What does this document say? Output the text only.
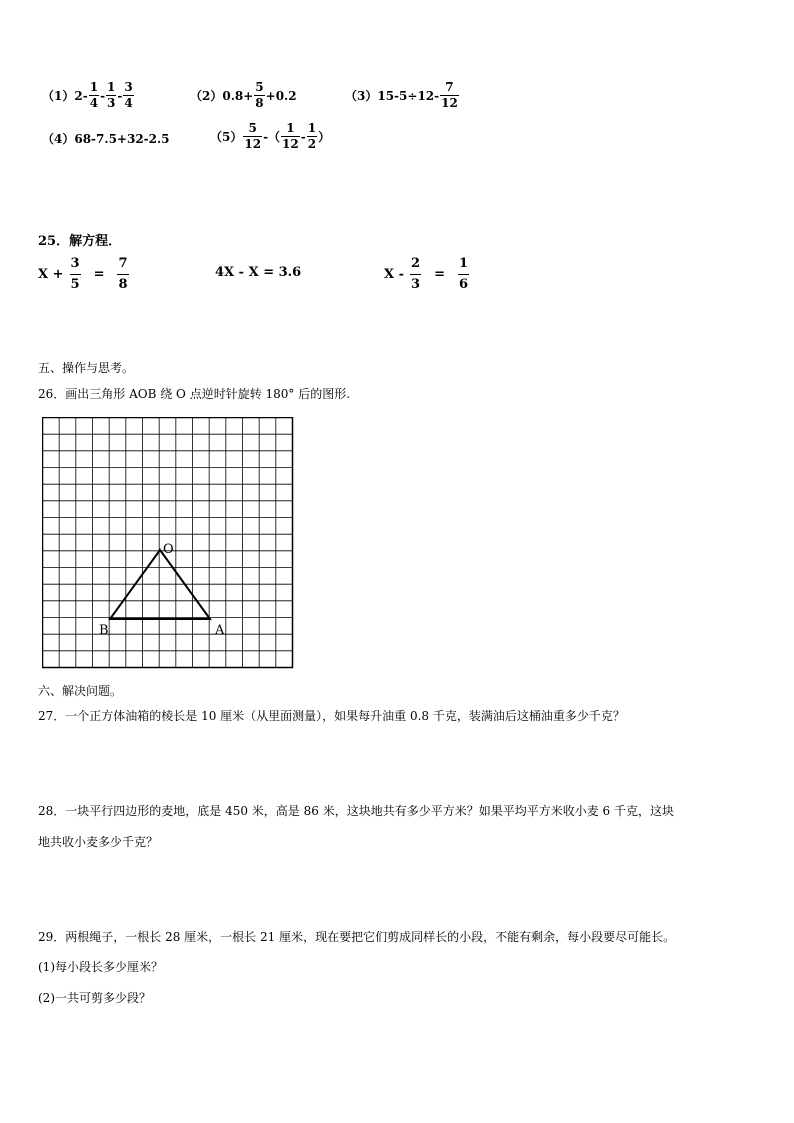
（1） $2- \frac{1}{4} - \frac{1}{3} - \frac{3}{4}$	（2） $0.8+ \frac{5}{8} +0.2$	（3） $15-5\div 12- \frac{7}{12}$
（4） 68-7.5+32-2.5	$(5) \frac{5}{12}$ -（ $\frac{1}{12} - \frac{1}{2}$ ）
25．解方程．
$X + \frac{3}{5} = \frac{7}{8}$	4X - X = 3.6	$X - \frac{2}{3} = \frac{1}{6}$
五、操作与思考。
26．画出三角形 AOB 绕 O 点逆时针旋转 180° 后的图形.
O
B	A
六、解决问题。
27．一个正方体油箱的棱长是 10 厘米（从里面测量），如果每升油重 0.8 千克，装满油后这桶油重多少千克？
28．一块平行四边形的麦地，底是 450 米，高是 86 米，这块地共有多少平方米？如果平均平方米收小麦 6 千克，这块
地共收小麦多少千克？
29．两根绳子，一根长 28 厘米，一根长 21 厘米，现在要把它们剪成同样长的小段，不能有剩余，每小段要尽可能长。
(1)每小段长多少厘米？
(2)一共可剪多少段？
